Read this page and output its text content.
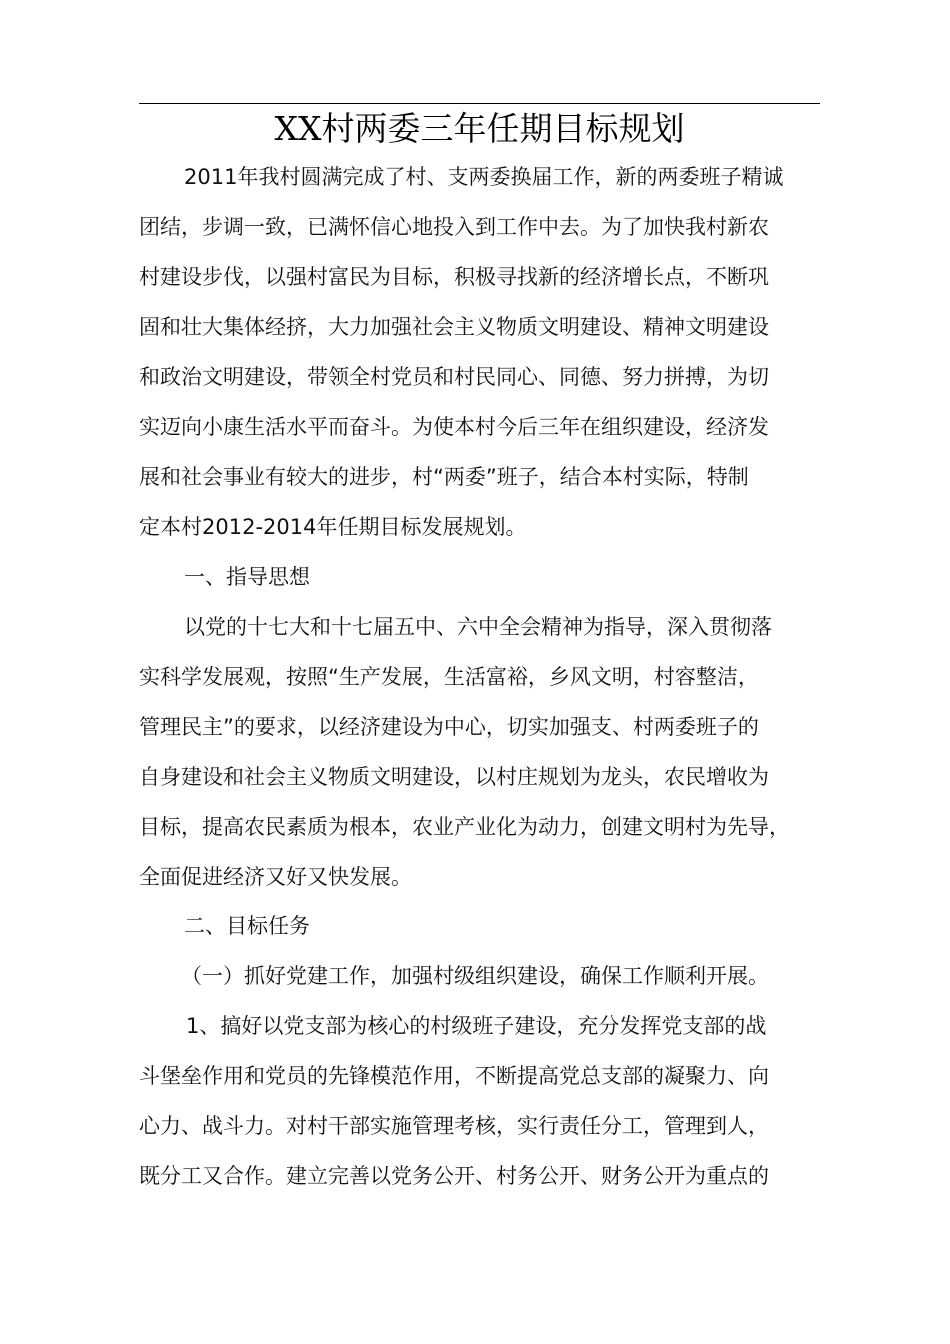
XX村两委三年任期目标规划
2011年我村圆满完成了村、支两委换届工作，新的两委班子精诚
团结，步调一致，已满怀信心地投入到工作中去。为了加快我村新农
村建设步伐，以强村富民为目标，积极寻找新的经济增长点，不断巩
固和壮大集体经挤，大力加强社会主义物质文明建设、精神文明建设
和政治文明建设，带领全村党员和村民同心、同德、努力拼搏，为切
实迈向小康生活水平而奋斗。为使本村今后三年在组织建设，经济发
展和社会事业有较大的进步，村“两委”班子，结合本村实际，特制
定本村2012-2014年任期目标发展规划。
一、指导思想
以党的十七大和十七届五中、六中全会精神为指导，深入贯彻落
实科学发展观，按照“生产发展，生活富裕，乡风文明，村容整洁，
管理民主”的要求，以经济建设为中心，切实加强支、村两委班子的
自身建设和社会主义物质文明建设，以村庄规划为龙头，农民增收为
目标，提高农民素质为根本，农业产业化为动力，创建文明村为先导，
全面促进经济又好又快发展。
二、目标任务
（一）抓好党建工作，加强村级组织建设，确保工作顺利开展。
1、搞好以党支部为核心的村级班子建设，充分发挥党支部的战
斗堡垒作用和党员的先锋模范作用，不断提高党总支部的凝聚力、向
心力、战斗力。对村干部实施管理考核，实行责任分工，管理到人，
既分工又合作。建立完善以党务公开、村务公开、财务公开为重点的
